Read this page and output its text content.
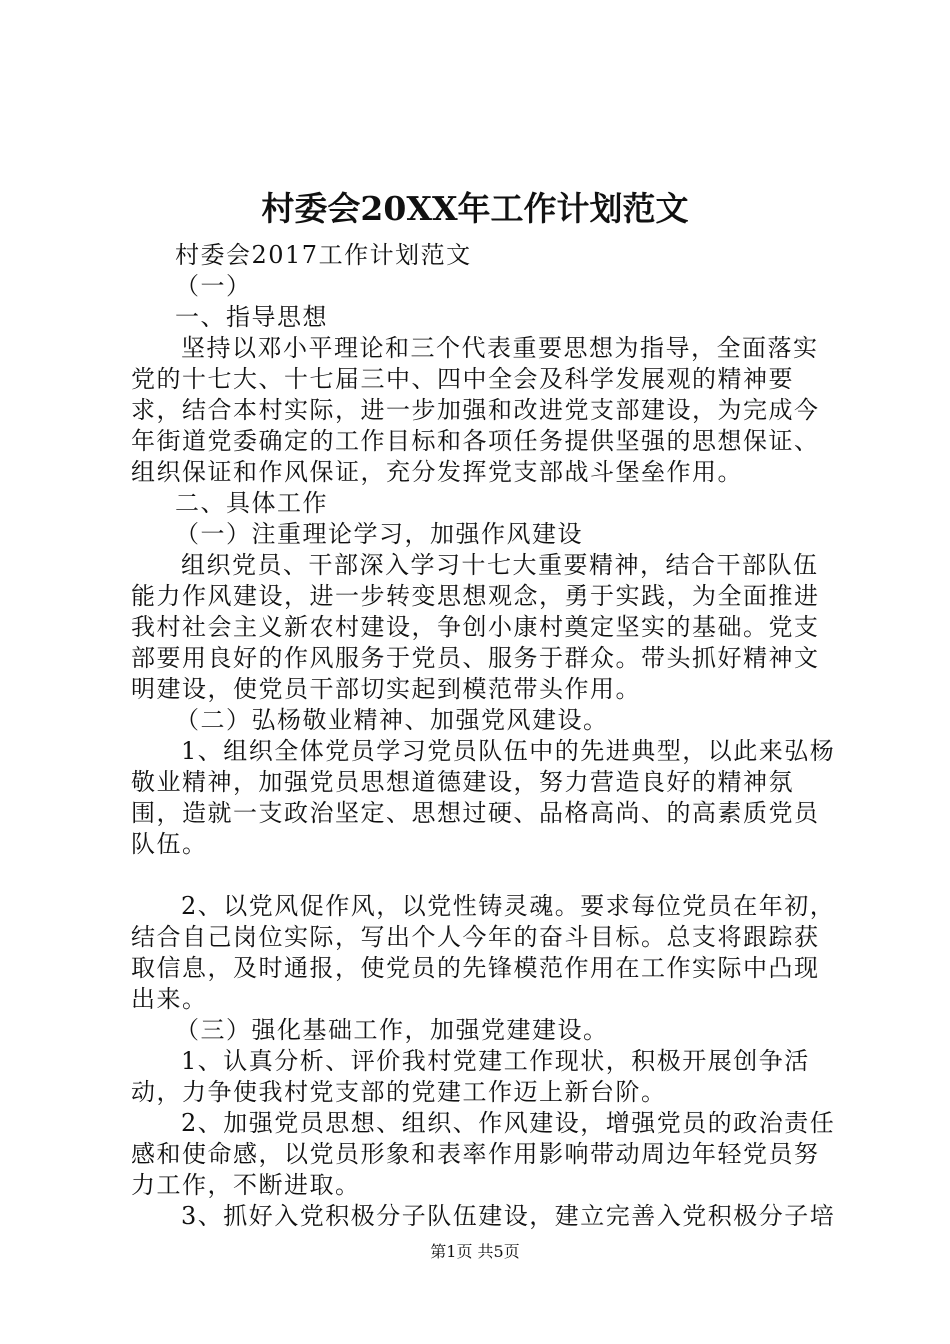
村委会20XX年工作计划范文

村委会2017工作计划范文

（一）

一、指导思想

坚持以邓小平理论和三个代表重要思想为指导，全面落实党的十七大、十七届三中、四中全会及科学发展观的精神要求，结合本村实际，进一步加强和改进党支部建设，为完成今年街道党委确定的工作目标和各项任务提供坚强的思想保证、组织保证和作风保证，充分发挥党支部战斗堡垒作用。

二、具体工作

（一）注重理论学习，加强作风建设

组织党员、干部深入学习十七大重要精神，结合干部队伍能力作风建设，进一步转变思想观念，勇于实践，为全面推进我村社会主义新农村建设，争创小康村奠定坚实的基础。党支部要用良好的作风服务于党员、服务于群众。带头抓好精神文明建设，使党员干部切实起到模范带头作用。

（二）弘杨敬业精神、加强党风建设。

1、组织全体党员学习党员队伍中的先进典型，以此来弘杨敬业精神，加强党员思想道德建设，努力营造良好的精神氛围，造就一支政治坚定、思想过硬、品格高尚、的高素质党员队伍。

2、以党风促作风，以党性铸灵魂。要求每位党员在年初，结合自己岗位实际，写出个人今年的奋斗目标。总支将跟踪获取信息，及时通报，使党员的先锋模范作用在工作实际中凸现出来。

（三）强化基础工作，加强党建建设。

1、认真分析、评价我村党建工作现状，积极开展创争活动，力争使我村党支部的党建工作迈上新台阶。

2、加强党员思想、组织、作风建设，增强党员的政治责任感和使命感，以党员形象和表率作用影响带动周边年轻党员努力工作，不断进取。

3、抓好入党积极分子队伍建设，建立完善入党积极分子培

第1页 共5页
